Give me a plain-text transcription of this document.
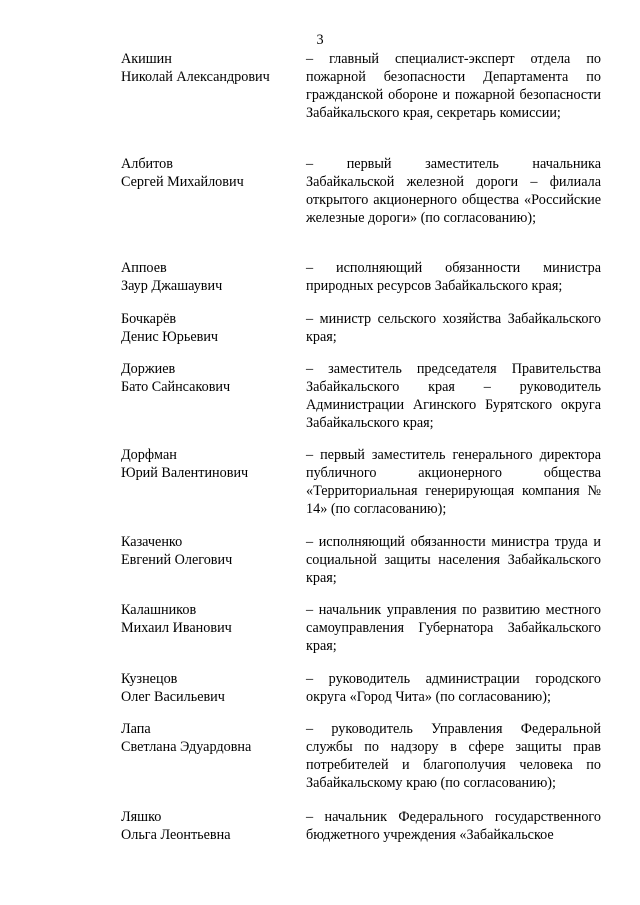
3
Акишин
Николай Александрович
– главный специалист-эксперт отдела по пожарной безопасности Департамента по гражданской обороне и пожарной безопасности Забайкальского края, секретарь комиссии;
Албитов
Сергей Михайлович
– первый заместитель начальника Забайкальской железной дороги – филиала открытого акционерного общества «Российские железные дороги» (по согласованию);
Аппоев
Заур Джашаувич
– исполняющий обязанности министра природных ресурсов Забайкальского края;
Бочкарёв
Денис Юрьевич
– министр сельского хозяйства Забайкальского края;
Доржиев
Бато Сайнсакович
– заместитель председателя Правительства Забайкальского края – руководитель Администрации Агинского Бурятского округа Забайкальского края;
Дорфман
Юрий Валентинович
– первый заместитель генерального директора публичного акционерного общества «Территориальная генерирующая компания № 14» (по согласованию);
Казаченко
Евгений Олегович
– исполняющий обязанности министра труда и социальной защиты населения Забайкальского края;
Калашников
Михаил Иванович
– начальник управления по развитию местного самоуправления Губернатора Забайкальского края;
Кузнецов
Олег Васильевич
– руководитель администрации городского округа «Город Чита» (по согласованию);
Лапа
Светлана Эдуардовна
– руководитель Управления Федеральной службы по надзору в сфере защиты прав потребителей и благополучия человека по Забайкальскому краю (по согласованию);
Ляшко
Ольга Леонтьевна
– начальник Федерального государственного бюджетного учреждения «Забайкальское
